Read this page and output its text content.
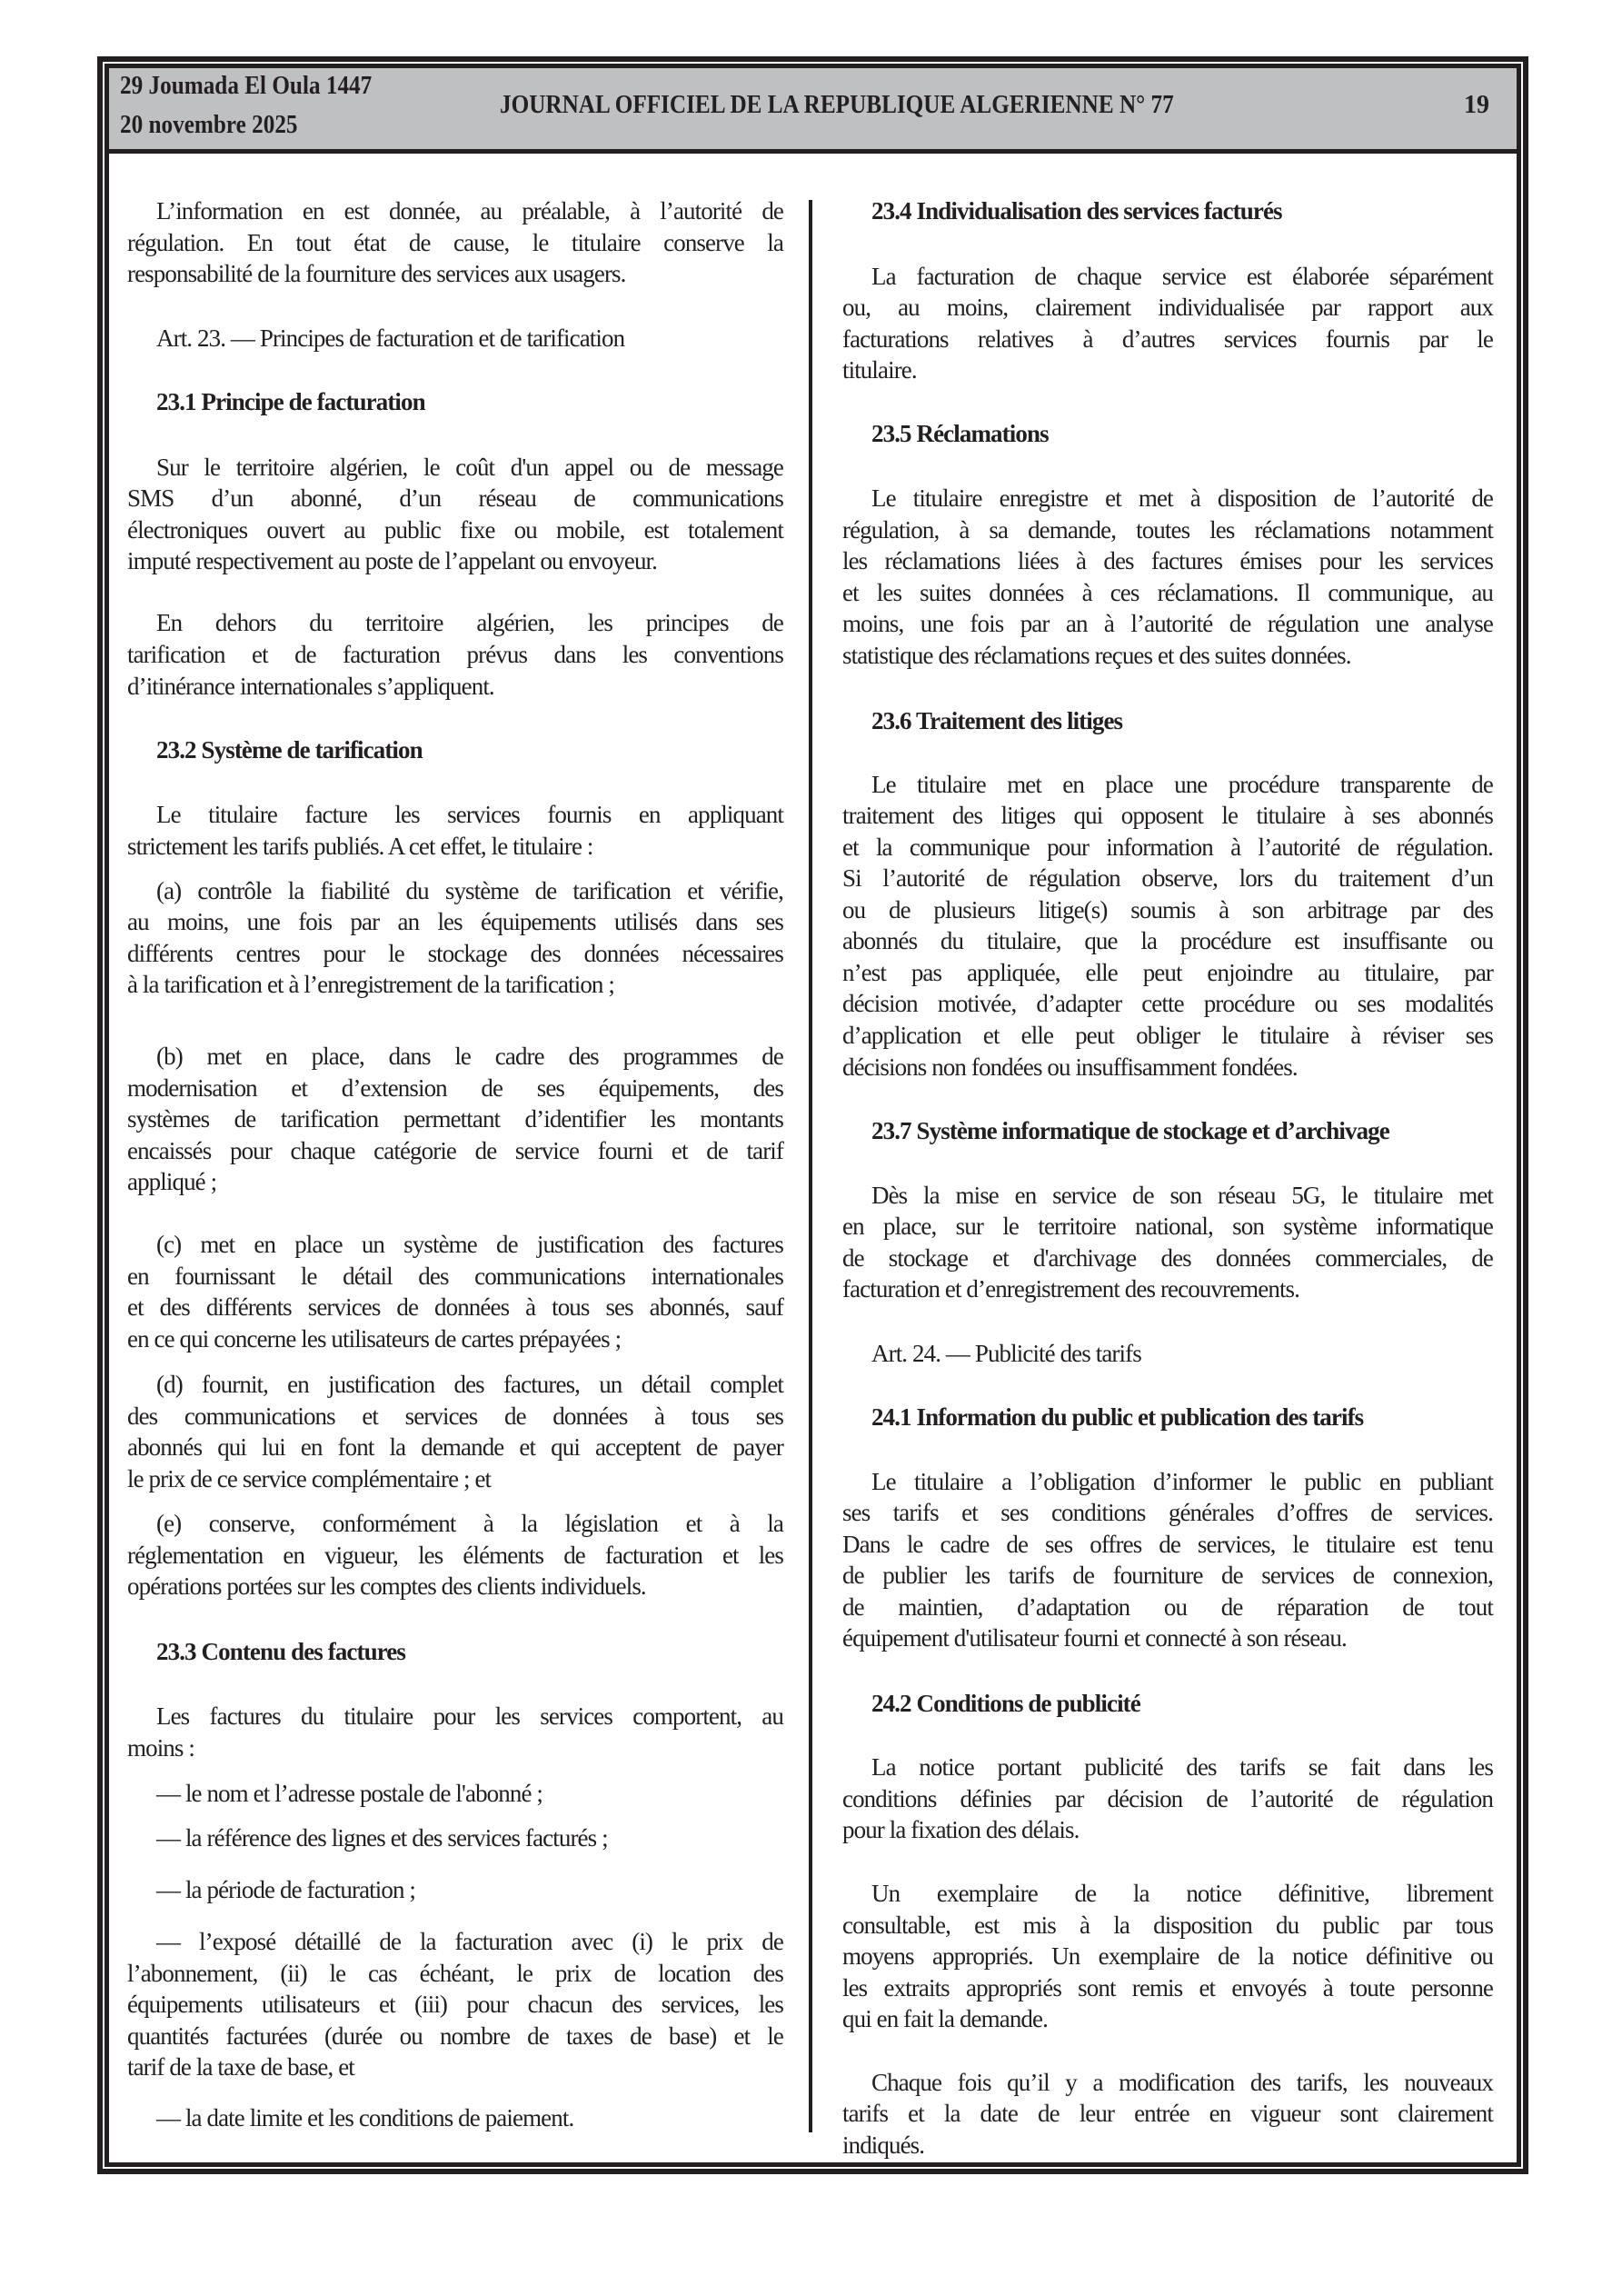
29 Joumada El Oula 1447
20 novembre 2025
JOURNAL OFFICIEL DE LA REPUBLIQUE ALGERIENNE N° 77	19
L’information en est donnée, au préalable, à l’autorité de
régulation. En tout état de cause, le titulaire conserve la
responsabilité de la fourniture des services aux usagers.
Art. 23. — Principes de facturation et de tarification
23.1 Principe de facturation
Sur le territoire algérien, le coût d'un appel ou de message
SMS d’un abonné, d’un réseau de communications
électroniques ouvert au public fixe ou mobile, est totalement
imputé respectivement au poste de l’appelant ou envoyeur.
En dehors du territoire algérien, les principes de
tarification et de facturation prévus dans les conventions
d’itinérance internationales s’appliquent.
23.2 Système de tarification
Le titulaire facture les services fournis en appliquant
strictement les tarifs publiés. A cet effet, le titulaire :
(a) contrôle la fiabilité du système de tarification et vérifie,
au moins, une fois par an les équipements utilisés dans ses
différents centres pour le stockage des données nécessaires
à la tarification et à l’enregistrement de la tarification ;
(b) met en place, dans le cadre des programmes de
modernisation et d’extension de ses équipements, des
systèmes de tarification permettant d’identifier les montants
encaissés pour chaque catégorie de service fourni et de tarif
appliqué ;
(c) met en place un système de justification des factures
en fournissant le détail des communications internationales
et des différents services de données à tous ses abonnés, sauf
en ce qui concerne les utilisateurs de cartes prépayées ;
(d) fournit, en justification des factures, un détail complet
des communications et services de données à tous ses
abonnés qui lui en font la demande et qui acceptent de payer
le prix de ce service complémentaire ; et
(e) conserve, conformément à la législation et à la
réglementation en vigueur, les éléments de facturation et les
opérations portées sur les comptes des clients individuels.
23.3 Contenu des factures
Les factures du titulaire pour les services comportent, au
moins :
— le nom et l’adresse postale de l'abonné ;
— la référence des lignes et des services facturés ;
— la période de facturation ;
— l’exposé détaillé de la facturation avec (i) le prix de
l’abonnement, (ii) le cas échéant, le prix de location des
équipements utilisateurs et (iii) pour chacun des services, les
quantités facturées (durée ou nombre de taxes de base) et le
tarif de la taxe de base, et
— la date limite et les conditions de paiement.
23.4 Individualisation des services facturés
La facturation de chaque service est élaborée séparément
ou, au moins, clairement individualisée par rapport aux
facturations relatives à d’autres services fournis par le
titulaire.
23.5 Réclamations
Le titulaire enregistre et met à disposition de l’autorité de
régulation, à sa demande, toutes les réclamations notamment
les réclamations liées à des factures émises pour les services
et les suites données à ces réclamations. Il communique, au
moins, une fois par an à l’autorité de régulation une analyse
statistique des réclamations reçues et des suites données.
23.6 Traitement des litiges
Le titulaire met en place une procédure transparente de
traitement des litiges qui opposent le titulaire à ses abonnés
et la communique pour information à l’autorité de régulation.
Si l’autorité de régulation observe, lors du traitement d’un
ou de plusieurs litige(s) soumis à son arbitrage par des
abonnés du titulaire, que la procédure est insuffisante ou
n’est pas appliquée, elle peut enjoindre au titulaire, par
décision motivée, d’adapter cette procédure ou ses modalités
d’application et elle peut obliger le titulaire à réviser ses
décisions non fondées ou insuffisamment fondées.
23.7 Système informatique de stockage et d’archivage
Dès la mise en service de son réseau 5G, le titulaire met
en place, sur le territoire national, son système informatique
de stockage et d'archivage des données commerciales, de
facturation et d’enregistrement des recouvrements.
Art. 24. — Publicité des tarifs
24.1 Information du public et publication des tarifs
Le titulaire a l’obligation d’informer le public en publiant
ses tarifs et ses conditions générales d’offres de services.
Dans le cadre de ses offres de services, le titulaire est tenu
de publier les tarifs de fourniture de services de connexion,
de maintien, d’adaptation ou de réparation de tout
équipement d'utilisateur fourni et connecté à son réseau.
24.2 Conditions de publicité
La notice portant publicité des tarifs se fait dans les
conditions définies par décision de l’autorité de régulation
pour la fixation des délais.
Un exemplaire de la notice définitive, librement
consultable, est mis à la disposition du public par tous
moyens appropriés. Un exemplaire de la notice définitive ou
les extraits appropriés sont remis et envoyés à toute personne
qui en fait la demande.
Chaque fois qu’il y a modification des tarifs, les nouveaux
tarifs et la date de leur entrée en vigueur sont clairement
indiqués.
